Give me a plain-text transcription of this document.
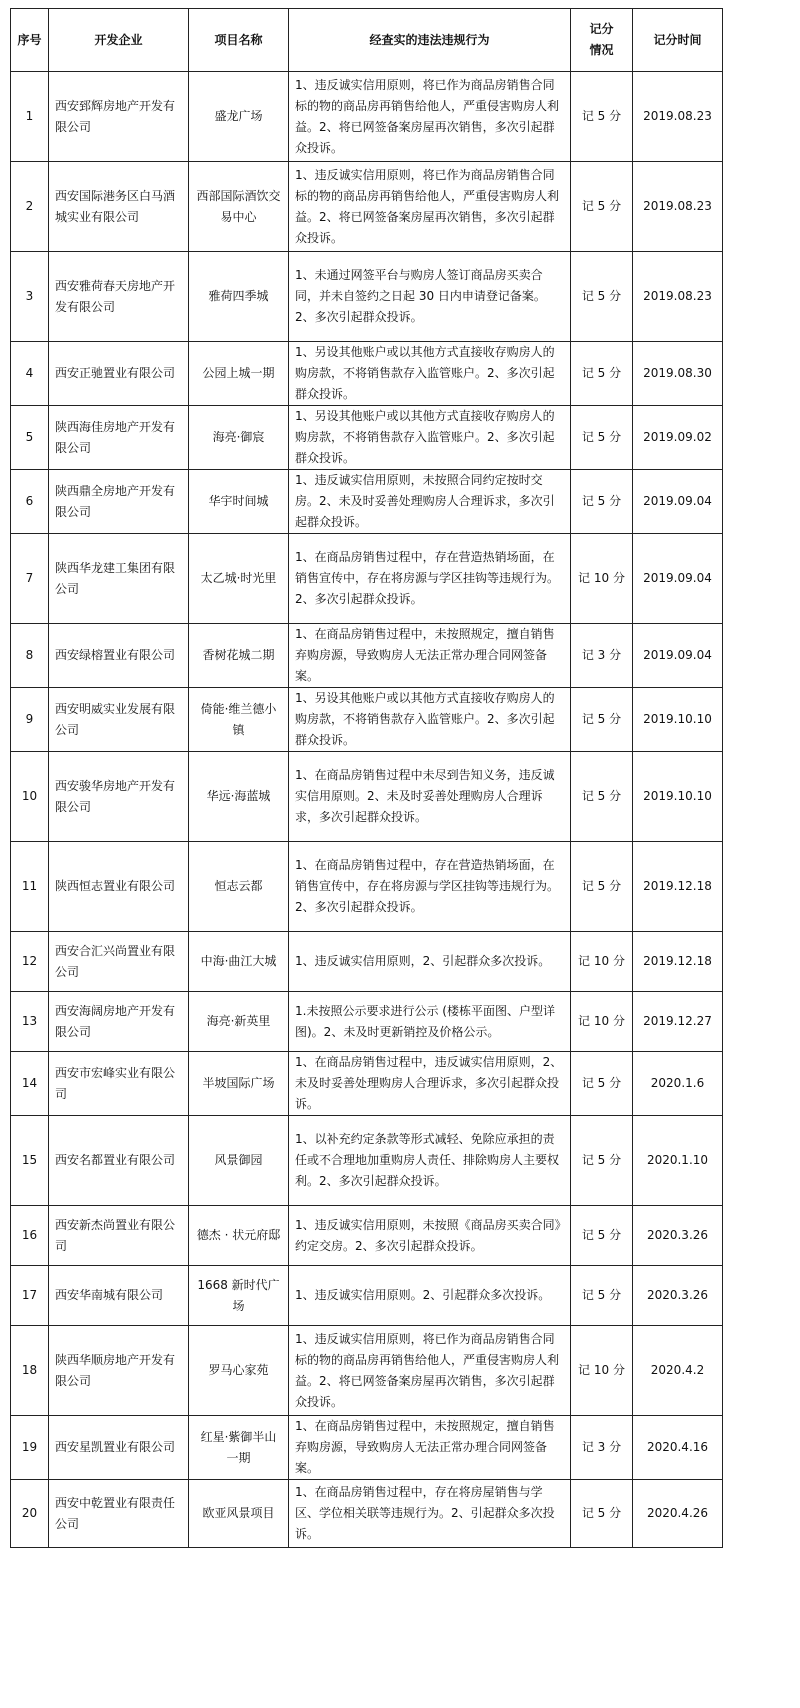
序号	开发企业	项目名称	经查实的违法违规行为	记分情况	记分时间
1	西安郅辉房地产开发有限公司	盛龙广场	1、违反诚实信用原则，将已作为商品房销售合同标的物的商品房再销售给他人，严重侵害购房人利益。2、将已网签备案房屋再次销售，多次引起群众投诉。	记 5 分	2019.08.23
2	西安国际港务区白马酒城实业有限公司	西部国际酒饮交易中心	1、违反诚实信用原则，将已作为商品房销售合同标的物的商品房再销售给他人，严重侵害购房人利益。2、将已网签备案房屋再次销售，多次引起群众投诉。	记 5 分	2019.08.23
3	西安雅荷春天房地产开发有限公司	雅荷四季城	1、未通过网签平台与购房人签订商品房买卖合同，并未自签约之日起 30 日内申请登记备案。2、多次引起群众投诉。	记 5 分	2019.08.23
4	西安正驰置业有限公司	公园上城一期	1、另设其他账户或以其他方式直接收存购房人的购房款，不将销售款存入监管账户。2、多次引起群众投诉。	记 5 分	2019.08.30
5	陕西海佳房地产开发有限公司	海亮·御宸	1、另设其他账户或以其他方式直接收存购房人的购房款，不将销售款存入监管账户。2、多次引起群众投诉。	记 5 分	2019.09.02
6	陕西鼎全房地产开发有限公司	华宇时间城	1、违反诚实信用原则，未按照合同约定按时交房。2、未及时妥善处理购房人合理诉求，多次引起群众投诉。	记 5 分	2019.09.04
7	陕西华龙建工集团有限公司	太乙城·时光里	1、在商品房销售过程中，存在营造热销场面，在销售宣传中，存在将房源与学区挂钩等违规行为。2、多次引起群众投诉。	记 10 分	2019.09.04
8	西安绿榕置业有限公司	香树花城二期	1、在商品房销售过程中，未按照规定，擅自销售弃购房源，导致购房人无法正常办理合同网签备案。	记 3 分	2019.09.04
9	西安明威实业发展有限公司	倚能·维兰德小镇	1、另设其他账户或以其他方式直接收存购房人的购房款，不将销售款存入监管账户。2、多次引起群众投诉。	记 5 分	2019.10.10
10	西安骏华房地产开发有限公司	华远·海蓝城	1、在商品房销售过程中未尽到告知义务，违反诚实信用原则。2、未及时妥善处理购房人合理诉求，多次引起群众投诉。	记 5 分	2019.10.10
11	陕西恒志置业有限公司	恒志云都	1、在商品房销售过程中，存在营造热销场面，在销售宣传中，存在将房源与学区挂钩等违规行为。2、多次引起群众投诉。	记 5 分	2019.12.18
12	西安合汇兴尚置业有限公司	中海·曲江大城	1、违反诚实信用原则，2、引起群众多次投诉。	记 10 分	2019.12.18
13	西安海阔房地产开发有限公司	海亮·新英里	1.未按照公示要求进行公示 (楼栋平面图、户型详图)。2、未及时更新销控及价格公示。	记 10 分	2019.12.27
14	西安市宏峰实业有限公司	半坡国际广场	1、在商品房销售过程中，违反诚实信用原则，2、未及时妥善处理购房人合理诉求，多次引起群众投诉。	记 5 分	2020.1.6
15	西安名都置业有限公司	风景御园	1、以补充约定条款等形式减轻、免除应承担的责任或不合理地加重购房人责任、排除购房人主要权利。2、多次引起群众投诉。	记 5 分	2020.1.10
16	西安新杰尚置业有限公司	德杰 · 状元府邸	1、违反诚实信用原则，未按照《商品房买卖合同》约定交房。2、多次引起群众投诉。	记 5 分	2020.3.26
17	西安华南城有限公司	1668 新时代广场	1、违反诚实信用原则。2、引起群众多次投诉。	记 5 分	2020.3.26
18	陕西华顺房地产开发有限公司	罗马心家苑	1、违反诚实信用原则，将已作为商品房销售合同标的物的商品房再销售给他人，严重侵害购房人利益。2、将已网签备案房屋再次销售，多次引起群众投诉。	记 10 分	2020.4.2
19	西安星凯置业有限公司	红星·紫御半山一期	1、在商品房销售过程中，未按照规定，擅自销售弃购房源，导致购房人无法正常办理合同网签备案。	记 3 分	2020.4.16
20	西安中乾置业有限责任公司	欧亚风景项目	1、在商品房销售过程中，存在将房屋销售与学区、学位相关联等违规行为。2、引起群众多次投诉。	记 5 分	2020.4.26
